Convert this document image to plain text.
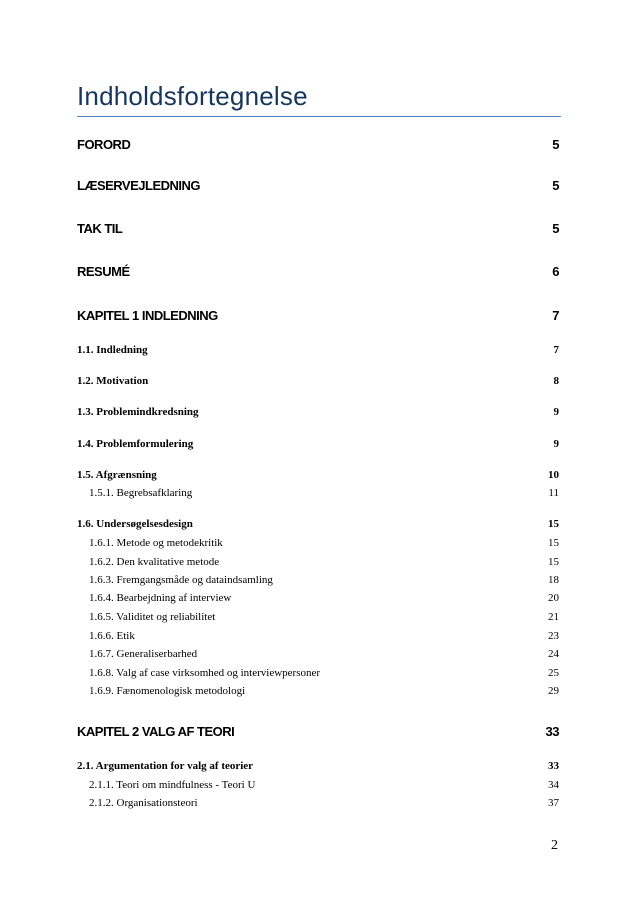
Indholdsfortegnelse
FORORD	5
LÆSERVEJLEDNING	5
TAK TIL	5
RESUMÉ	6
KAPITEL 1 INDLEDNING	7
1.1. Indledning	7
1.2. Motivation	8
1.3. Problemindkredsning	9
1.4. Problemformulering	9
1.5. Afgrænsning	10
1.5.1. Begrebsafklaring	11
1.6. Undersøgelsesdesign	15
1.6.1. Metode og metodekritik	15
1.6.2. Den kvalitative metode	15
1.6.3. Fremgangsmåde og dataindsamling	18
1.6.4. Bearbejdning af interview	20
1.6.5. Validitet og reliabilitet	21
1.6.6. Etik	23
1.6.7. Generaliserbarhed	24
1.6.8. Valg af case virksomhed og interviewpersoner	25
1.6.9. Fænomenologisk metodologi	29
KAPITEL 2 VALG AF TEORI	33
2.1. Argumentation for valg af teorier	33
2.1.1. Teori om mindfulness - Teori U	34
2.1.2. Organisationsteori	37
2
